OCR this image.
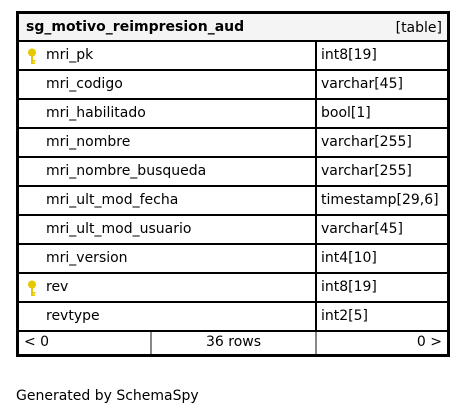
sg_motivo_reimpresion_aud	[table]
mri_pk	int8[19]
mri_codigo	varchar[45]
mri_habilitado	bool[1]
mri_nombre	varchar[255]
mri_nombre_busqueda	varchar[255]
mri_ult_mod_fecha	timestamp[29,6]
mri_ult_mod_usuario	varchar[45]
mri_version	int4[10]
rev	int8[19]
revtype	int2[5]
< 0	36 rows	0 >
Generated by SchemaSpy
